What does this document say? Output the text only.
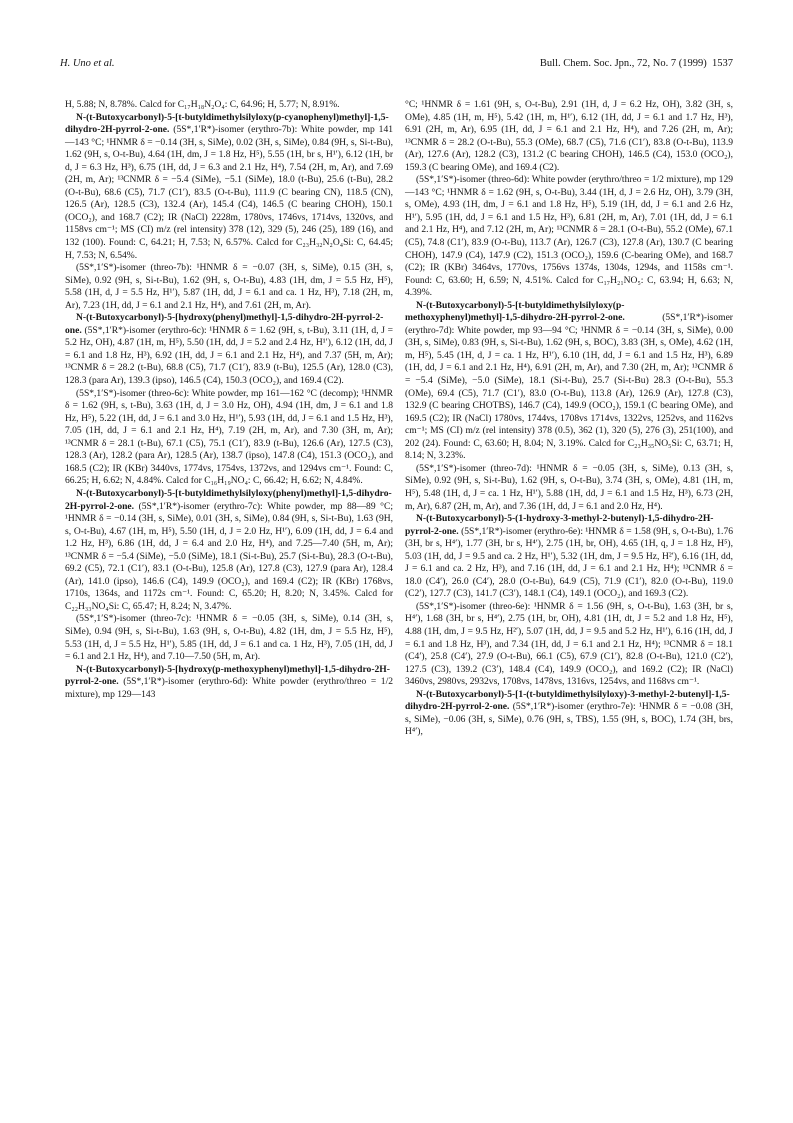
H. Uno et al.	Bull. Chem. Soc. Jpn., 72, No. 7 (1999) 1537

H, 5.88; N, 8.78%. Calcd for C₁₇H₁₈N₂O₄: C, 64.96; H, 5.77; N, 8.91%.

N-(t-Butoxycarbonyl)-5-[t-butyldimethylsilyloxy(p-cyanophenyl)methyl]-1,5-dihydro-2H-pyrrol-2-one. (5S*,1′R*)-isomer (erythro-7b): White powder, mp 141—143 °C; ¹HNMR δ = −0.14 (3H, s, SiMe), 0.02 (3H, s, SiMe), 0.84 (9H, s, Si-t-Bu), 1.62 (9H, s, O-t-Bu), 4.64 (1H, dm, J = 1.8 Hz, H⁵), 5.55 (1H, br s, H¹′), 6.12 (1H, br d, J = 6.3 Hz, H³), 6.75 (1H, dd, J = 6.3 and 2.1 Hz, H⁴), 7.54 (2H, m, Ar), and 7.69 (2H, m, Ar); ¹³CNMR δ = −5.4 (SiMe), −5.1 (SiMe), 18.0 (t-Bu), 25.6 (t-Bu), 28.2 (O-t-Bu), 68.6 (C5), 71.7 (C1′), 83.5 (O-t-Bu), 111.9 (C bearing CN), 118.5 (CN), 126.5 (Ar), 128.5 (C3), 132.4 (Ar), 145.4 (C4), 146.5 (C bearing CHOH), 150.1 (OCO₂), and 168.7 (C2); IR (NaCl) 2228m, 1780vs, 1746vs, 1714vs, 1320vs, and 1158vs cm⁻¹; MS (CI) m/z (rel intensity) 378 (12), 329 (5), 246 (25), 189 (16), and 132 (100). Found: C, 64.21; H, 7.53; N, 6.57%. Calcd for C₂₃H₃₂N₂O₄Si: C, 64.45; H, 7.53; N, 6.54%.

(5S*,1′S*)-isomer (threo-7b): ¹HNMR δ = −0.07 (3H, s, SiMe), 0.15 (3H, s, SiMe), 0.92 (9H, s, Si-t-Bu), 1.62 (9H, s, O-t-Bu), 4.83 (1H, dm, J = 5.5 Hz, H⁵), 5.58 (1H, d, J = 5.5 Hz, H¹′), 5.87 (1H, dd, J = 6.1 and ca. 1 Hz, H³), 7.18 (2H, m, Ar), 7.23 (1H, dd, J = 6.1 and 2.1 Hz, H⁴), and 7.61 (2H, m, Ar).

N-(t-Butoxycarbonyl)-5-[hydroxy(phenyl)methyl]-1,5-dihydro-2H-pyrrol-2-one. (5S*,1′R*)-isomer (erythro-6c): ¹HNMR δ = 1.62 (9H, s, t-Bu), 3.11 (1H, d, J = 5.2 Hz, OH), 4.87 (1H, m, H⁵), 5.50 (1H, dd, J = 5.2 and 2.4 Hz, H¹′), 6.12 (1H, dd, J = 6.1 and 1.8 Hz, H³), 6.92 (1H, dd, J = 6.1 and 2.1 Hz, H⁴), and 7.37 (5H, m, Ar); ¹³CNMR δ = 28.2 (t-Bu), 68.8 (C5), 71.7 (C1′), 83.9 (t-Bu), 125.5 (Ar), 128.0 (C3), 128.3 (para Ar), 139.3 (ipso), 146.5 (C4), 150.3 (OCO₂), and 169.4 (C2).

(5S*,1′S*)-isomer (threo-6c): White powder, mp 161—162 °C (decomp); ¹HNMR δ = 1.62 (9H, s, t-Bu), 3.63 (1H, d, J = 3.0 Hz, OH), 4.94 (1H, dm, J = 6.1 and 1.8 Hz, H⁵), 5.22 (1H, dd, J = 6.1 and 3.0 Hz, H¹′), 5.93 (1H, dd, J = 6.1 and 1.5 Hz, H³), 7.05 (1H, dd, J = 6.1 and 2.1 Hz, H⁴), 7.19 (2H, m, Ar), and 7.30 (3H, m, Ar); ¹³CNMR δ = 28.1 (t-Bu), 67.1 (C5), 75.1 (C1′), 83.9 (t-Bu), 126.6 (Ar), 127.5 (C3), 128.3 (Ar), 128.2 (para Ar), 128.5 (Ar), 138.7 (ipso), 147.8 (C4), 151.3 (OCO₂), and 168.5 (C2); IR (KBr) 3440vs, 1774vs, 1754vs, 1372vs, and 1294vs cm⁻¹. Found: C, 66.25; H, 6.62; N, 4.84%. Calcd for C₁₆H₁₉NO₄: C, 66.42; H, 6.62; N, 4.84%.

N-(t-Butoxycarbonyl)-5-[t-butyldimethylsilyloxy(phenyl)methyl]-1,5-dihydro-2H-pyrrol-2-one. (5S*,1′R*)-isomer (erythro-7c): White powder, mp 88—89 °C; ¹HNMR δ = −0.14 (3H, s, SiMe), 0.01 (3H, s, SiMe), 0.84 (9H, s, Si-t-Bu), 1.63 (9H, s, O-t-Bu), 4.67 (1H, m, H⁵), 5.50 (1H, d, J = 2.0 Hz, H¹′), 6.09 (1H, dd, J = 6.4 and 1.2 Hz, H³), 6.86 (1H, dd, J = 6.4 and 2.0 Hz, H⁴), and 7.25—7.40 (5H, m, Ar); ¹³CNMR δ = −5.4 (SiMe), −5.0 (SiMe), 18.1 (Si-t-Bu), 25.7 (Si-t-Bu), 28.3 (O-t-Bu), 69.2 (C5), 72.1 (C1′), 83.1 (O-t-Bu), 125.8 (Ar), 127.8 (C3), 127.9 (para Ar), 128.4 (Ar), 141.0 (ipso), 146.6 (C4), 149.9 (OCO₂), and 169.4 (C2); IR (KBr) 1768vs, 1710s, 1364s, and 1172s cm⁻¹. Found: C, 65.20; H, 8.20; N, 3.45%. Calcd for C₂₂H₃₃NO₄Si: C, 65.47; H, 8.24; N, 3.47%.

(5S*,1′S*)-isomer (threo-7c): ¹HNMR δ = −0.05 (3H, s, SiMe), 0.14 (3H, s, SiMe), 0.94 (9H, s, Si-t-Bu), 1.63 (9H, s, O-t-Bu), 4.82 (1H, dm, J = 5.5 Hz, H⁵), 5.53 (1H, d, J = 5.5 Hz, H¹′), 5.85 (1H, dd, J = 6.1 and ca. 1 Hz, H³), 7.05 (1H, dd, J = 6.1 and 2.1 Hz, H⁴), and 7.10—7.50 (5H, m, Ar).

N-(t-Butoxycarbonyl)-5-[hydroxy(p-methoxyphenyl)methyl]-1,5-dihydro-2H-pyrrol-2-one. (5S*,1′R*)-isomer (erythro-6d): White powder (erythro/threo = 1/2 mixture), mp 129—143

°C; ¹HNMR δ = 1.61 (9H, s, O-t-Bu), 2.91 (1H, d, J = 6.2 Hz, OH), 3.82 (3H, s, OMe), 4.85 (1H, m, H⁵), 5.42 (1H, m, H¹′), 6.12 (1H, dd, J = 6.1 and 1.7 Hz, H³), 6.91 (2H, m, Ar), 6.95 (1H, dd, J = 6.1 and 2.1 Hz, H⁴), and 7.26 (2H, m, Ar); ¹³CNMR δ = 28.2 (O-t-Bu), 55.3 (OMe), 68.7 (C5), 71.6 (C1′), 83.8 (O-t-Bu), 113.9 (Ar), 127.6 (Ar), 128.2 (C3), 131.2 (C bearing CHOH), 146.5 (C4), 153.0 (OCO₂), 159.3 (C bearing OMe), and 169.4 (C2).

(5S*,1′S*)-isomer (threo-6d): White powder (erythro/threo = 1/2 mixture), mp 129—143 °C; ¹HNMR δ = 1.62 (9H, s, O-t-Bu), 3.44 (1H, d, J = 2.6 Hz, OH), 3.79 (3H, s, OMe), 4.93 (1H, dm, J = 6.1 and 1.8 Hz, H⁵), 5.19 (1H, dd, J = 6.1 and 2.6 Hz, H¹′), 5.95 (1H, dd, J = 6.1 and 1.5 Hz, H³), 6.81 (2H, m, Ar), 7.01 (1H, dd, J = 6.1 and 2.1 Hz, H⁴), and 7.12 (2H, m, Ar); ¹³CNMR δ = 28.1 (O-t-Bu), 55.2 (OMe), 67.1 (C5), 74.8 (C1′), 83.9 (O-t-Bu), 113.7 (Ar), 126.7 (C3), 127.8 (Ar), 130.7 (C bearing CHOH), 147.9 (C4), 147.9 (C2), 151.3 (OCO₂), 159.6 (C-bearing OMe), and 168.7 (C2); IR (KBr) 3464vs, 1770vs, 1756vs 1374s, 1304s, 1294s, and 1158s cm⁻¹. Found: C, 63.60; H, 6.59; N, 4.51%. Calcd for C₁₇H₂₁NO₅: C, 63.94; H, 6.63; N, 4.39%.

N-(t-Butoxycarbonyl)-5-[t-butyldimethylsilyloxy(p-methoxyphenyl)methyl]-1,5-dihydro-2H-pyrrol-2-one.	(5S*,1′R*)-isomer (erythro-7d): White powder, mp 93—94 °C; ¹HNMR δ = −0.14 (3H, s, SiMe), 0.00 (3H, s, SiMe), 0.83 (9H, s, Si-t-Bu), 1.62 (9H, s, BOC), 3.83 (3H, s, OMe), 4.62 (1H, m, H⁵), 5.45 (1H, d, J = ca. 1 Hz, H¹′), 6.10 (1H, dd, J = 6.1 and 1.5 Hz, H³), 6.89 (1H, dd, J = 6.1 and 2.1 Hz, H⁴), 6.91 (2H, m, Ar), and 7.30 (2H, m, Ar); ¹³CNMR δ = −5.4 (SiMe), −5.0 (SiMe), 18.1 (Si-t-Bu), 25.7 (Si-t-Bu) 28.3 (O-t-Bu), 55.3 (OMe), 69.4 (C5), 71.7 (C1′), 83.0 (O-t-Bu), 113.8 (Ar), 126.9 (Ar), 127.8 (C3), 132.9 (C bearing CHOTBS), 146.7 (C4), 149.9 (OCO₂), 159.1 (C bearing OMe), and 169.5 (C2); IR (NaCl) 1780vs, 1744vs, 1708vs 1714vs, 1322vs, 1252vs, and 1162vs cm⁻¹; MS (CI) m/z (rel intensity) 378 (0.5), 362 (1), 320 (5), 276 (3), 251(100), and 202 (24). Found: C, 63.60; H, 8.04; N, 3.19%. Calcd for C₂₃H₃₅NO₅Si: C, 63.71; H, 8.14; N, 3.23%.

(5S*,1′S*)-isomer (threo-7d): ¹HNMR δ = −0.05 (3H, s, SiMe), 0.13 (3H, s, SiMe), 0.92 (9H, s, Si-t-Bu), 1.62 (9H, s, O-t-Bu), 3.74 (3H, s, OMe), 4.81 (1H, m, H⁵), 5.48 (1H, d, J = ca. 1 Hz, H¹′), 5.88 (1H, dd, J = 6.1 and 1.5 Hz, H³), 6.73 (2H, m, Ar), 6.87 (2H, m, Ar), and 7.36 (1H, dd, J = 6.1 and 2.0 Hz, H⁴).

N-(t-Butoxycarbonyl)-5-(1-hydroxy-3-methyl-2-butenyl)-1,5-dihydro-2H-pyrrol-2-one. (5S*,1′R*)-isomer (erythro-6e): ¹HNMR δ = 1.58 (9H, s, O-t-Bu), 1.76 (3H, br s, H⁴′), 1.77 (3H, br s, H⁴′), 2.75 (1H, br, OH), 4.65 (1H, q, J = 1.8 Hz, H⁵), 5.03 (1H, dd, J = 9.5 and ca. 2 Hz, H¹′), 5.32 (1H, dm, J = 9.5 Hz, H²′), 6.16 (1H, dd, J = 6.1 and ca. 2 Hz, H³), and 7.16 (1H, dd, J = 6.1 and 2.1 Hz, H⁴); ¹³CNMR δ = 18.0 (C4′), 26.0 (C4′), 28.0 (O-t-Bu), 64.9 (C5), 71.9 (C1′), 82.0 (O-t-Bu), 119.0 (C2′), 127.7 (C3), 141.7 (C3′), 148.1 (C4), 149.1 (OCO₂), and 169.3 (C2).

(5S*,1′S*)-isomer (threo-6e): ¹HNMR δ = 1.56 (9H, s, O-t-Bu), 1.63 (3H, br s, H⁴′), 1.68 (3H, br s, H⁴′), 2.75 (1H, br, OH), 4.81 (1H, dt, J = 5.2 and 1.8 Hz, H⁵), 4.88 (1H, dm, J = 9.5 Hz, H²′), 5.07 (1H, dd, J = 9.5 and 5.2 Hz, H¹′), 6.16 (1H, dd, J = 6.1 and 1.8 Hz, H³), and 7.34 (1H, dd, J = 6.1 and 2.1 Hz, H⁴); ¹³CNMR δ = 18.1 (C4′), 25.8 (C4′), 27.9 (O-t-Bu), 66.1 (C5), 67.9 (C1′), 82.8 (O-t-Bu), 121.0 (C2′), 127.5 (C3), 139.2 (C3′), 148.4 (C4), 149.9 (OCO₂), and 169.2 (C2); IR (NaCl) 3460vs, 2980vs, 2932vs, 1708vs, 1478vs, 1316vs, 1254vs, and 1168vs cm⁻¹.

N-(t-Butoxycarbonyl)-5-[1-(t-butyldimethylsilyloxy)-3-methyl-2-butenyl]-1,5-dihydro-2H-pyrrol-2-one. (5S*,1′R*)-isomer (erythro-7e): ¹HNMR δ = −0.08 (3H, s, SiMe), −0.06 (3H, s, SiMe), 0.76 (9H, s, TBS), 1.55 (9H, s, BOC), 1.74 (3H, brs, H⁴′),
